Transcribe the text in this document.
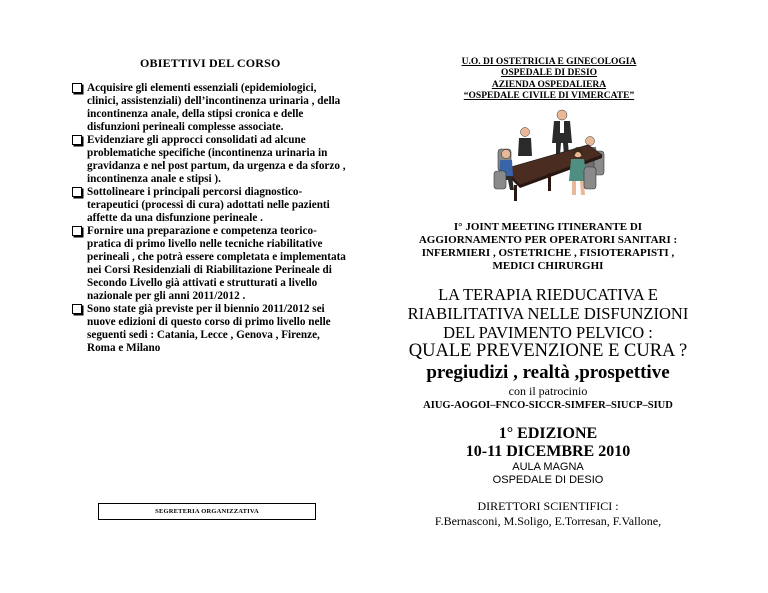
OBIETTIVI DEL CORSO
Acquisire gli elementi essenziali (epidemiologici, clinici, assistenziali) dell’incontinenza urinaria , della incontinenza anale, della stipsi cronica e delle disfunzioni perineali complesse associate.
Evidenziare gli approcci consolidati ad alcune problematiche specifiche (incontinenza urinaria in gravidanza e nel post partum, da urgenza e da sforzo , incontinenza anale e stipsi ).
Sottolineare i principali percorsi diagnostico-terapeutici (processi di cura) adottati nelle pazienti affette da una disfunzione perineale .
Fornire una preparazione e competenza teorico-pratica di primo livello nelle tecniche riabilitative perineali , che potrà essere completata e implementata nei Corsi Residenziali di Riabilitazione Perineale di Secondo Livello già attivati e strutturati a livello nazionale per gli anni 2011/2012 .
Sono state già previste per il biennio 2011/2012 sei nuove edizioni di questo corso di primo livello nelle seguenti sedi : Catania, Lecce , Genova , Firenze, Roma e Milano
SEGRETERIA ORGANIZZATIVA
U.O. DI OSTETRICIA E GINECOLOGIA
OSPEDALE DI DESIO
AZIENDA OSPEDALIERA
“OSPEDALE CIVILE DI VIMERCATE”
I° JOINT MEETING ITINERANTE DI
AGGIORNAMENTO PER OPERATORI SANITARI :
INFERMIERI , OSTETRICHE , FISIOTERAPISTI ,
MEDICI CHIRURGHI
LA TERAPIA RIEDUCATIVA E
RIABILITATIVA NELLE DISFUNZIONI
DEL PAVIMENTO PELVICO :
QUALE PREVENZIONE E CURA ?
pregiudizi , realtà ,prospettive
con il patrocinio
AIUG-AOGOI–FNCO-SICCR-SIMFER–SIUCP–SIUD
1° EDIZIONE
10-11 DICEMBRE 2010
AULA MAGNA
OSPEDALE DI DESIO
DIRETTORI SCIENTIFICI :
F.Bernasconi, M.Soligo, E.Torresan, F.Vallone,
